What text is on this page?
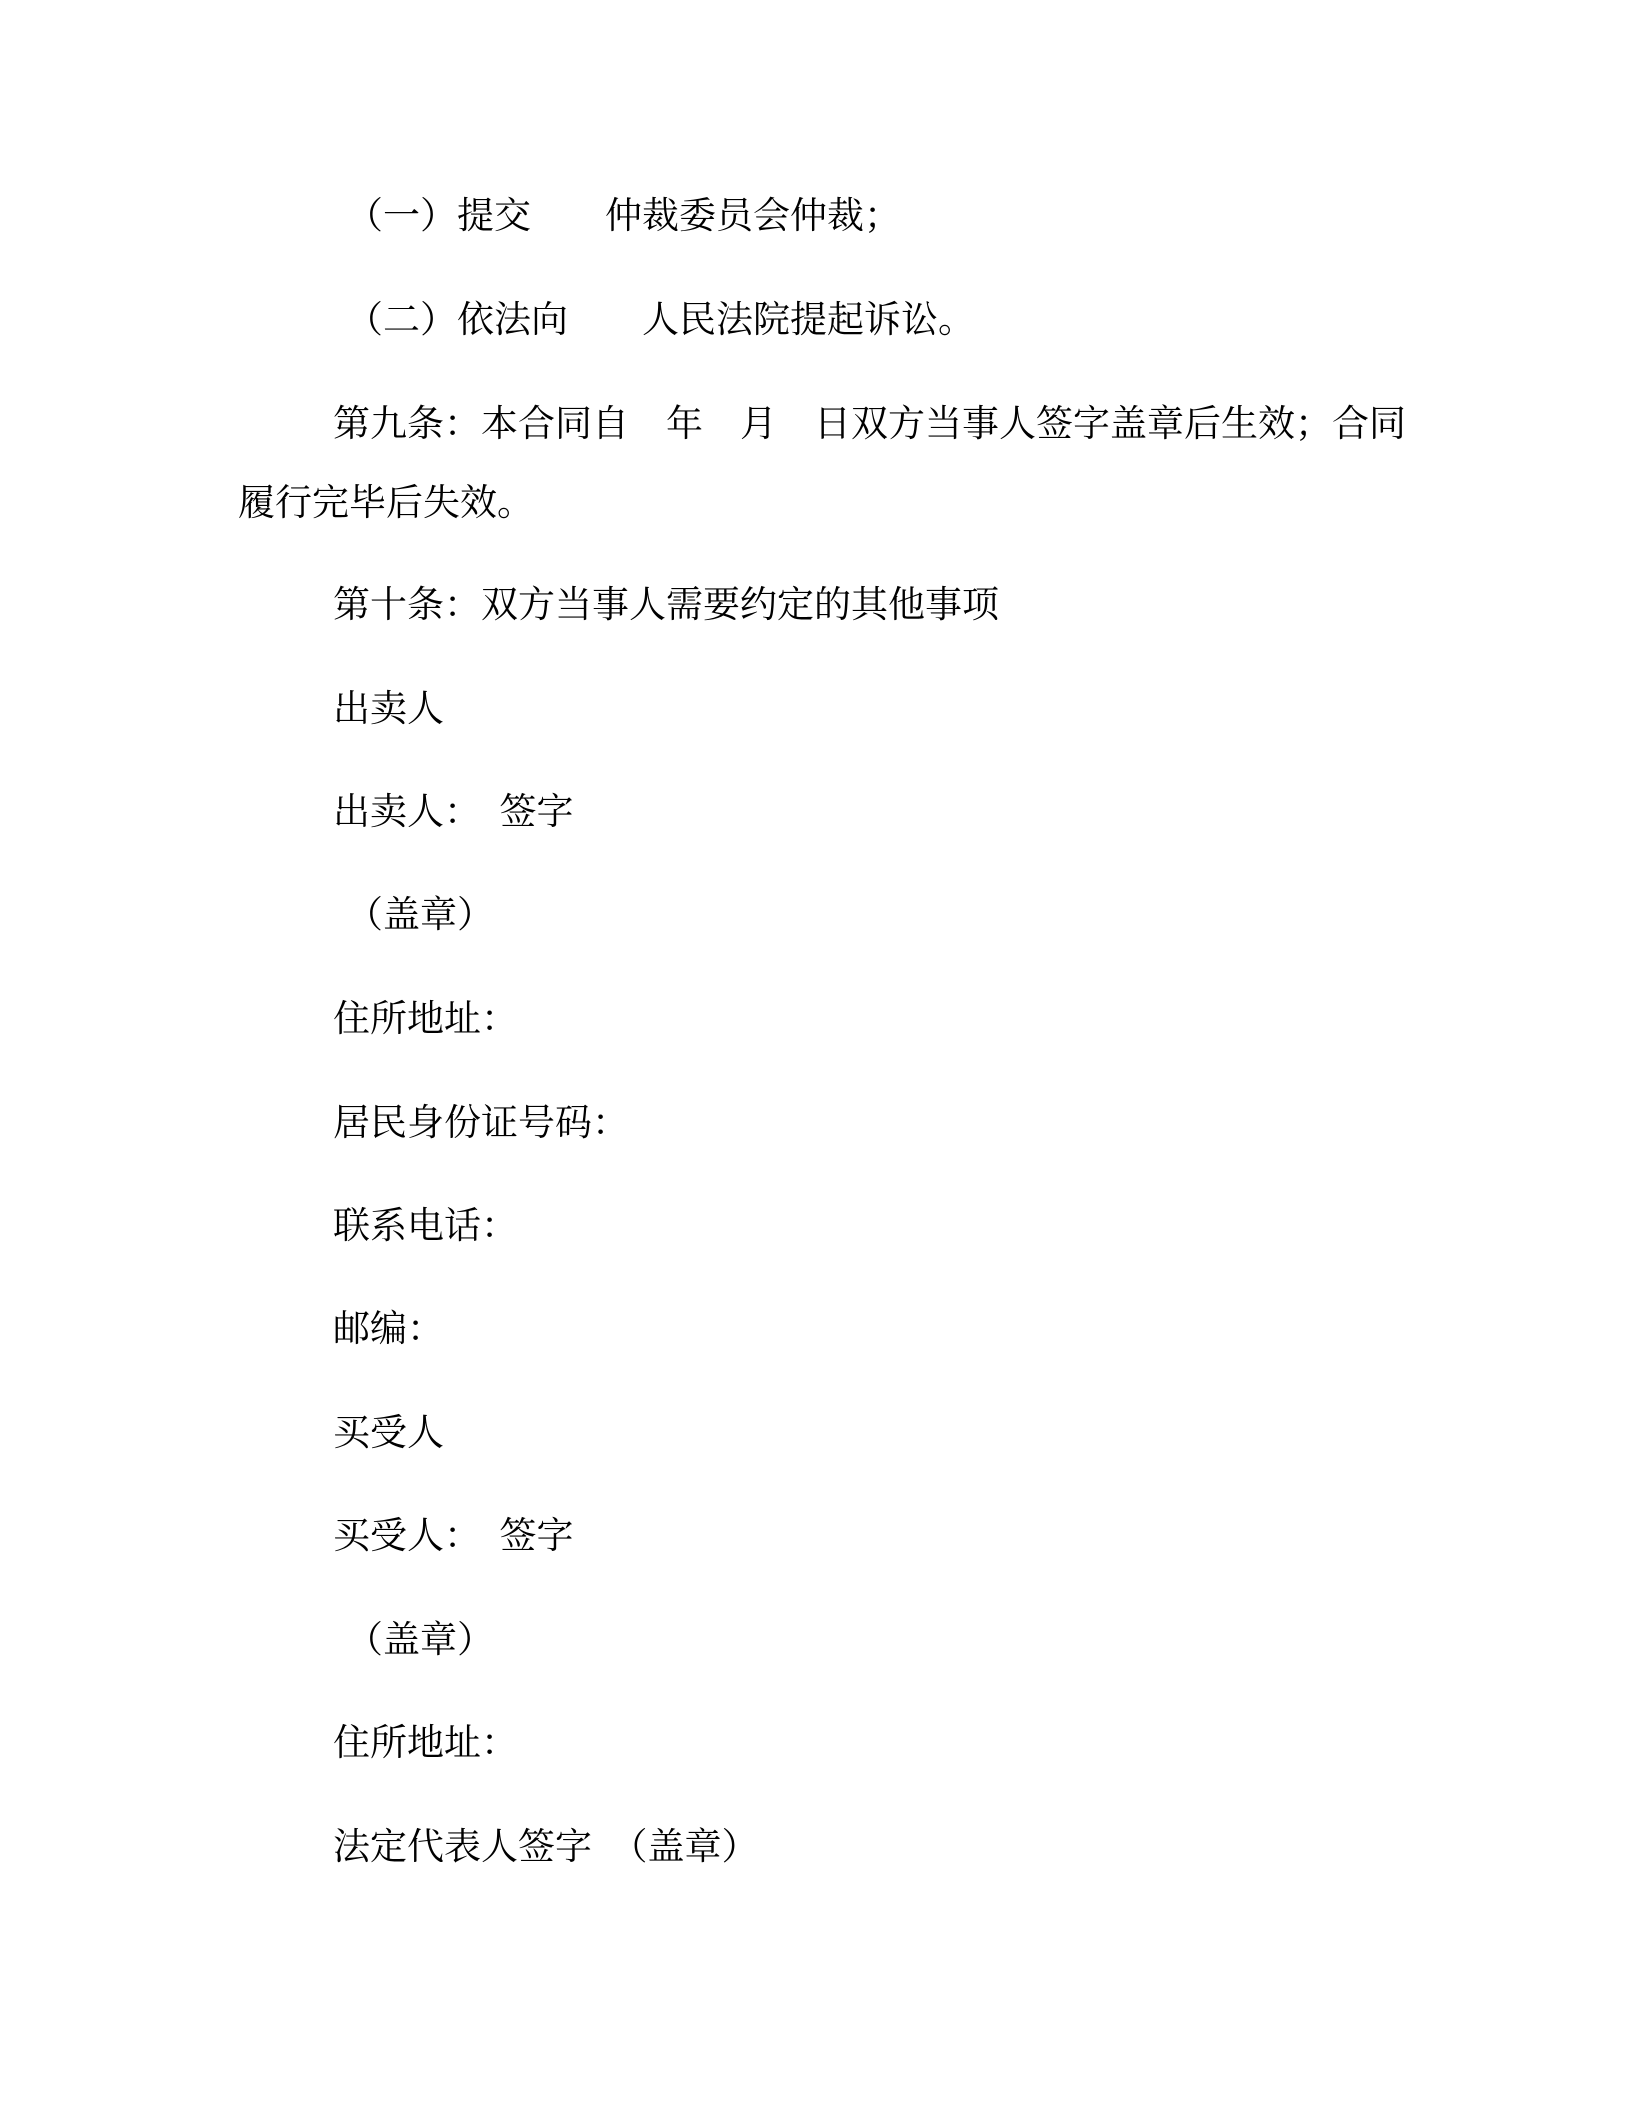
（一）提交　　仲裁委员会仲裁；
（二）依法向　　人民法院提起诉讼。
第九条：本合同自　年　月　日双方当事人签字盖章后生效；合同
履行完毕后失效。
第十条：双方当事人需要约定的其他事项
出卖人
出卖人：　签字
（盖章）
住所地址：
居民身份证号码：
联系电话：
邮编：
买受人
买受人：　签字
（盖章）
住所地址：
法定代表人签字　（盖章）
